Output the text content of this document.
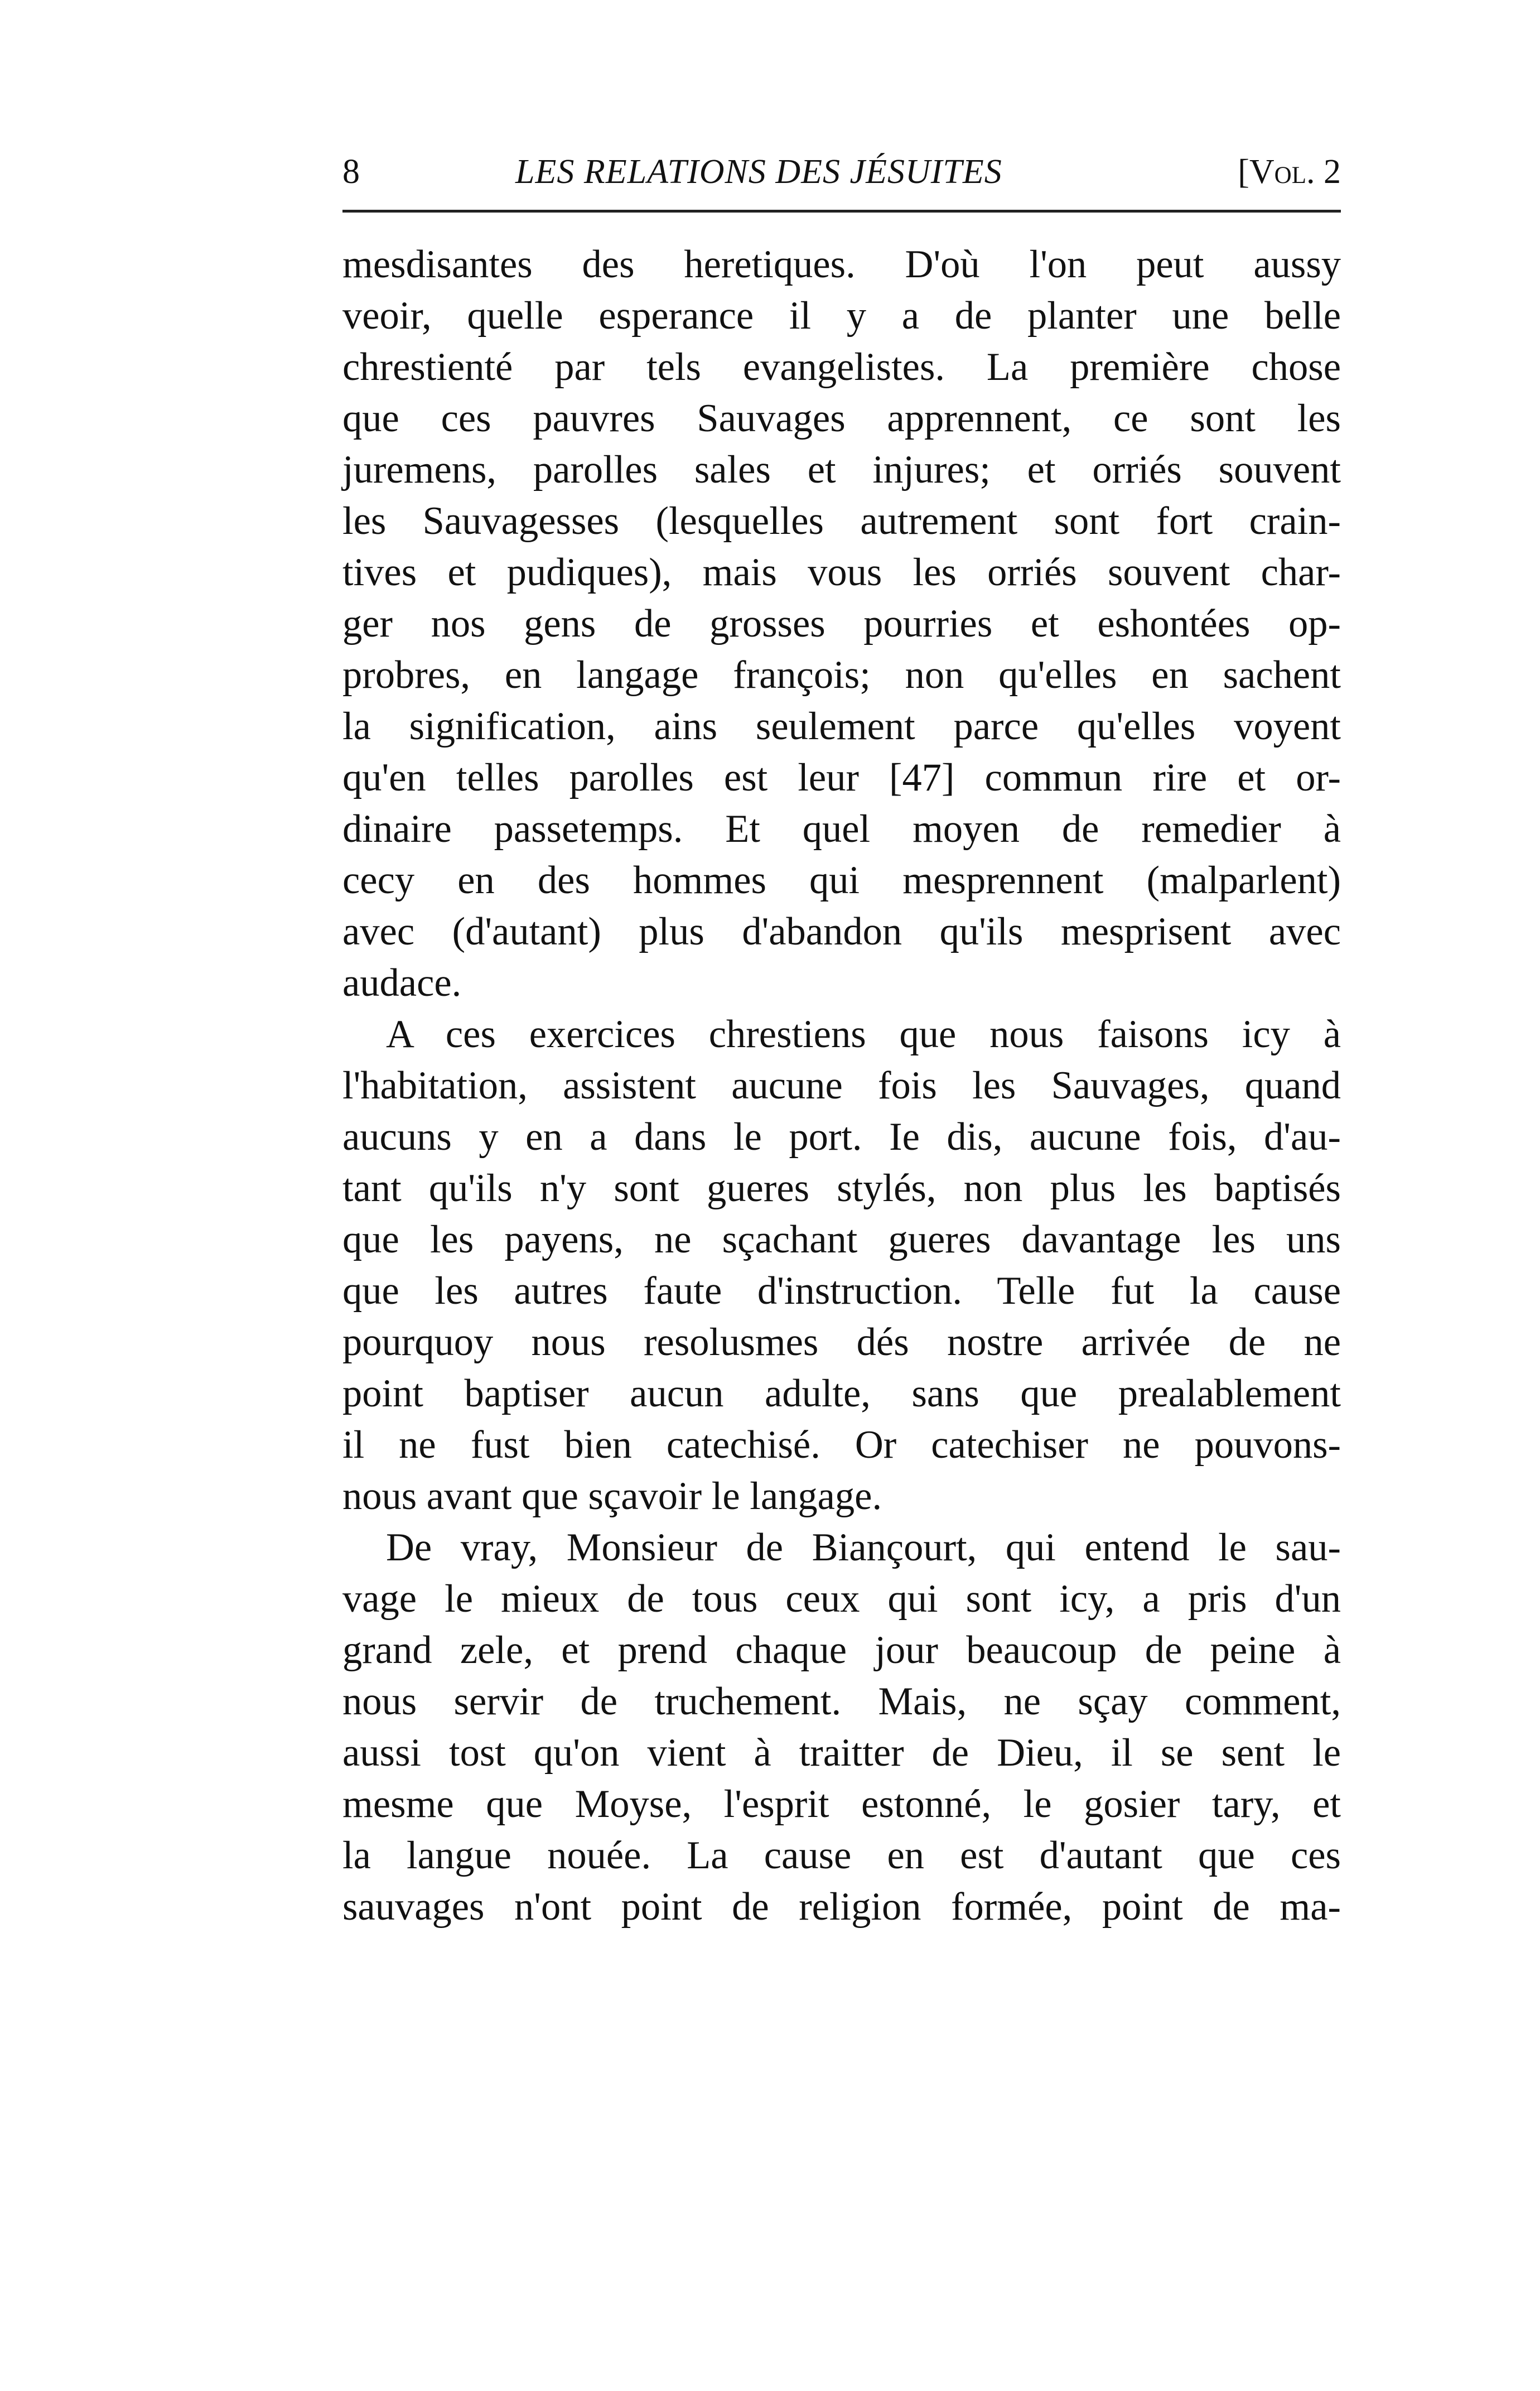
8	LES RELATIONS DES JÉSUITES	[Vol. 2
mesdisantes des heretiques. D'où l'on peut aussy
veoir, quelle esperance il y a de planter une belle
chrestienté par tels evangelistes. La première chose
que ces pauvres Sauvages apprennent, ce sont les
juremens, parolles sales et injures; et orriés souvent
les Sauvagesses (lesquelles autrement sont fort crain-
tives et pudiques), mais vous les orriés souvent char-
ger nos gens de grosses pourries et eshontées op-
probres, en langage françois; non qu'elles en sachent
la signification, ains seulement parce qu'elles voyent
qu'en telles parolles est leur [47] commun rire et or-
dinaire passetemps. Et quel moyen de remedier à
cecy en des hommes qui mesprennent (malparlent)
avec (d'autant) plus d'abandon qu'ils mesprisent avec
audace.
A ces exercices chrestiens que nous faisons icy à
l'habitation, assistent aucune fois les Sauvages, quand
aucuns y en a dans le port. Ie dis, aucune fois, d'au-
tant qu'ils n'y sont gueres stylés, non plus les baptisés
que les payens, ne sçachant gueres davantage les uns
que les autres faute d'instruction. Telle fut la cause
pourquoy nous resolusmes dés nostre arrivée de ne
point baptiser aucun adulte, sans que prealablement
il ne fust bien catechisé. Or catechiser ne pouvons-
nous avant que sçavoir le langage.
De vray, Monsieur de Biançourt, qui entend le sau-
vage le mieux de tous ceux qui sont icy, a pris d'un
grand zele, et prend chaque jour beaucoup de peine à
nous servir de truchement. Mais, ne sçay comment,
aussi tost qu'on vient à traitter de Dieu, il se sent le
mesme que Moyse, l'esprit estonné, le gosier tary, et
la langue nouée. La cause en est d'autant que ces
sauvages n'ont point de religion formée, point de ma-
